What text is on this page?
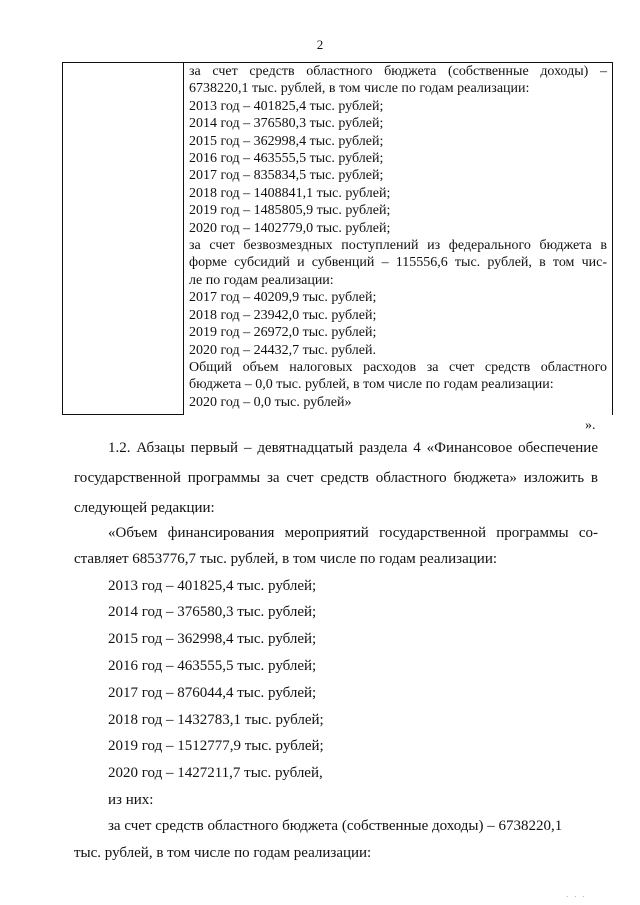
2
за счет средств областного бюджета (собственные доходы) –
6738220,1 тыс. рублей, в том числе по годам реализации:
2013 год – 401825,4 тыс. рублей;
2014 год – 376580,3 тыс. рублей;
2015 год – 362998,4 тыс. рублей;
2016 год – 463555,5 тыс. рублей;
2017 год – 835834,5 тыс. рублей;
2018 год – 1408841,1 тыс. рублей;
2019 год – 1485805,9 тыс. рублей;
2020 год – 1402779,0 тыс. рублей;
за счет безвозмездных поступлений из федерального бюджета в
форме субсидий и субвенций – 115556,6 тыс. рублей, в том чис-
ле по годам реализации:
2017 год – 40209,9 тыс. рублей;
2018 год – 23942,0 тыс. рублей;
2019 год – 26972,0 тыс. рублей;
2020 год – 24432,7 тыс. рублей.
Общий объем налоговых расходов за счет средств областного
бюджета – 0,0 тыс. рублей, в том числе по годам реализации:
2020 год – 0,0 тыс. рублей»
».
1.2. Абзацы первый – девятнадцатый раздела 4 «Финансовое обеспечение
государственной программы за счет средств областного бюджета» изложить в
следующей редакции:
«Объем финансирования мероприятий государственной программы со-
ставляет 6853776,7 тыс. рублей, в том числе по годам реализации:
2013 год – 401825,4 тыс. рублей;
2014 год – 376580,3 тыс. рублей;
2015 год – 362998,4 тыс. рублей;
2016 год – 463555,5 тыс. рублей;
2017 год – 876044,4 тыс. рублей;
2018 год – 1432783,1 тыс. рублей;
2019 год – 1512777,9 тыс. рублей;
2020 год – 1427211,7 тыс. рублей,
из них:
за счет средств областного бюджета (собственные доходы) – 6738220,1
тыс. рублей, в том числе по годам реализации:
· · ·
